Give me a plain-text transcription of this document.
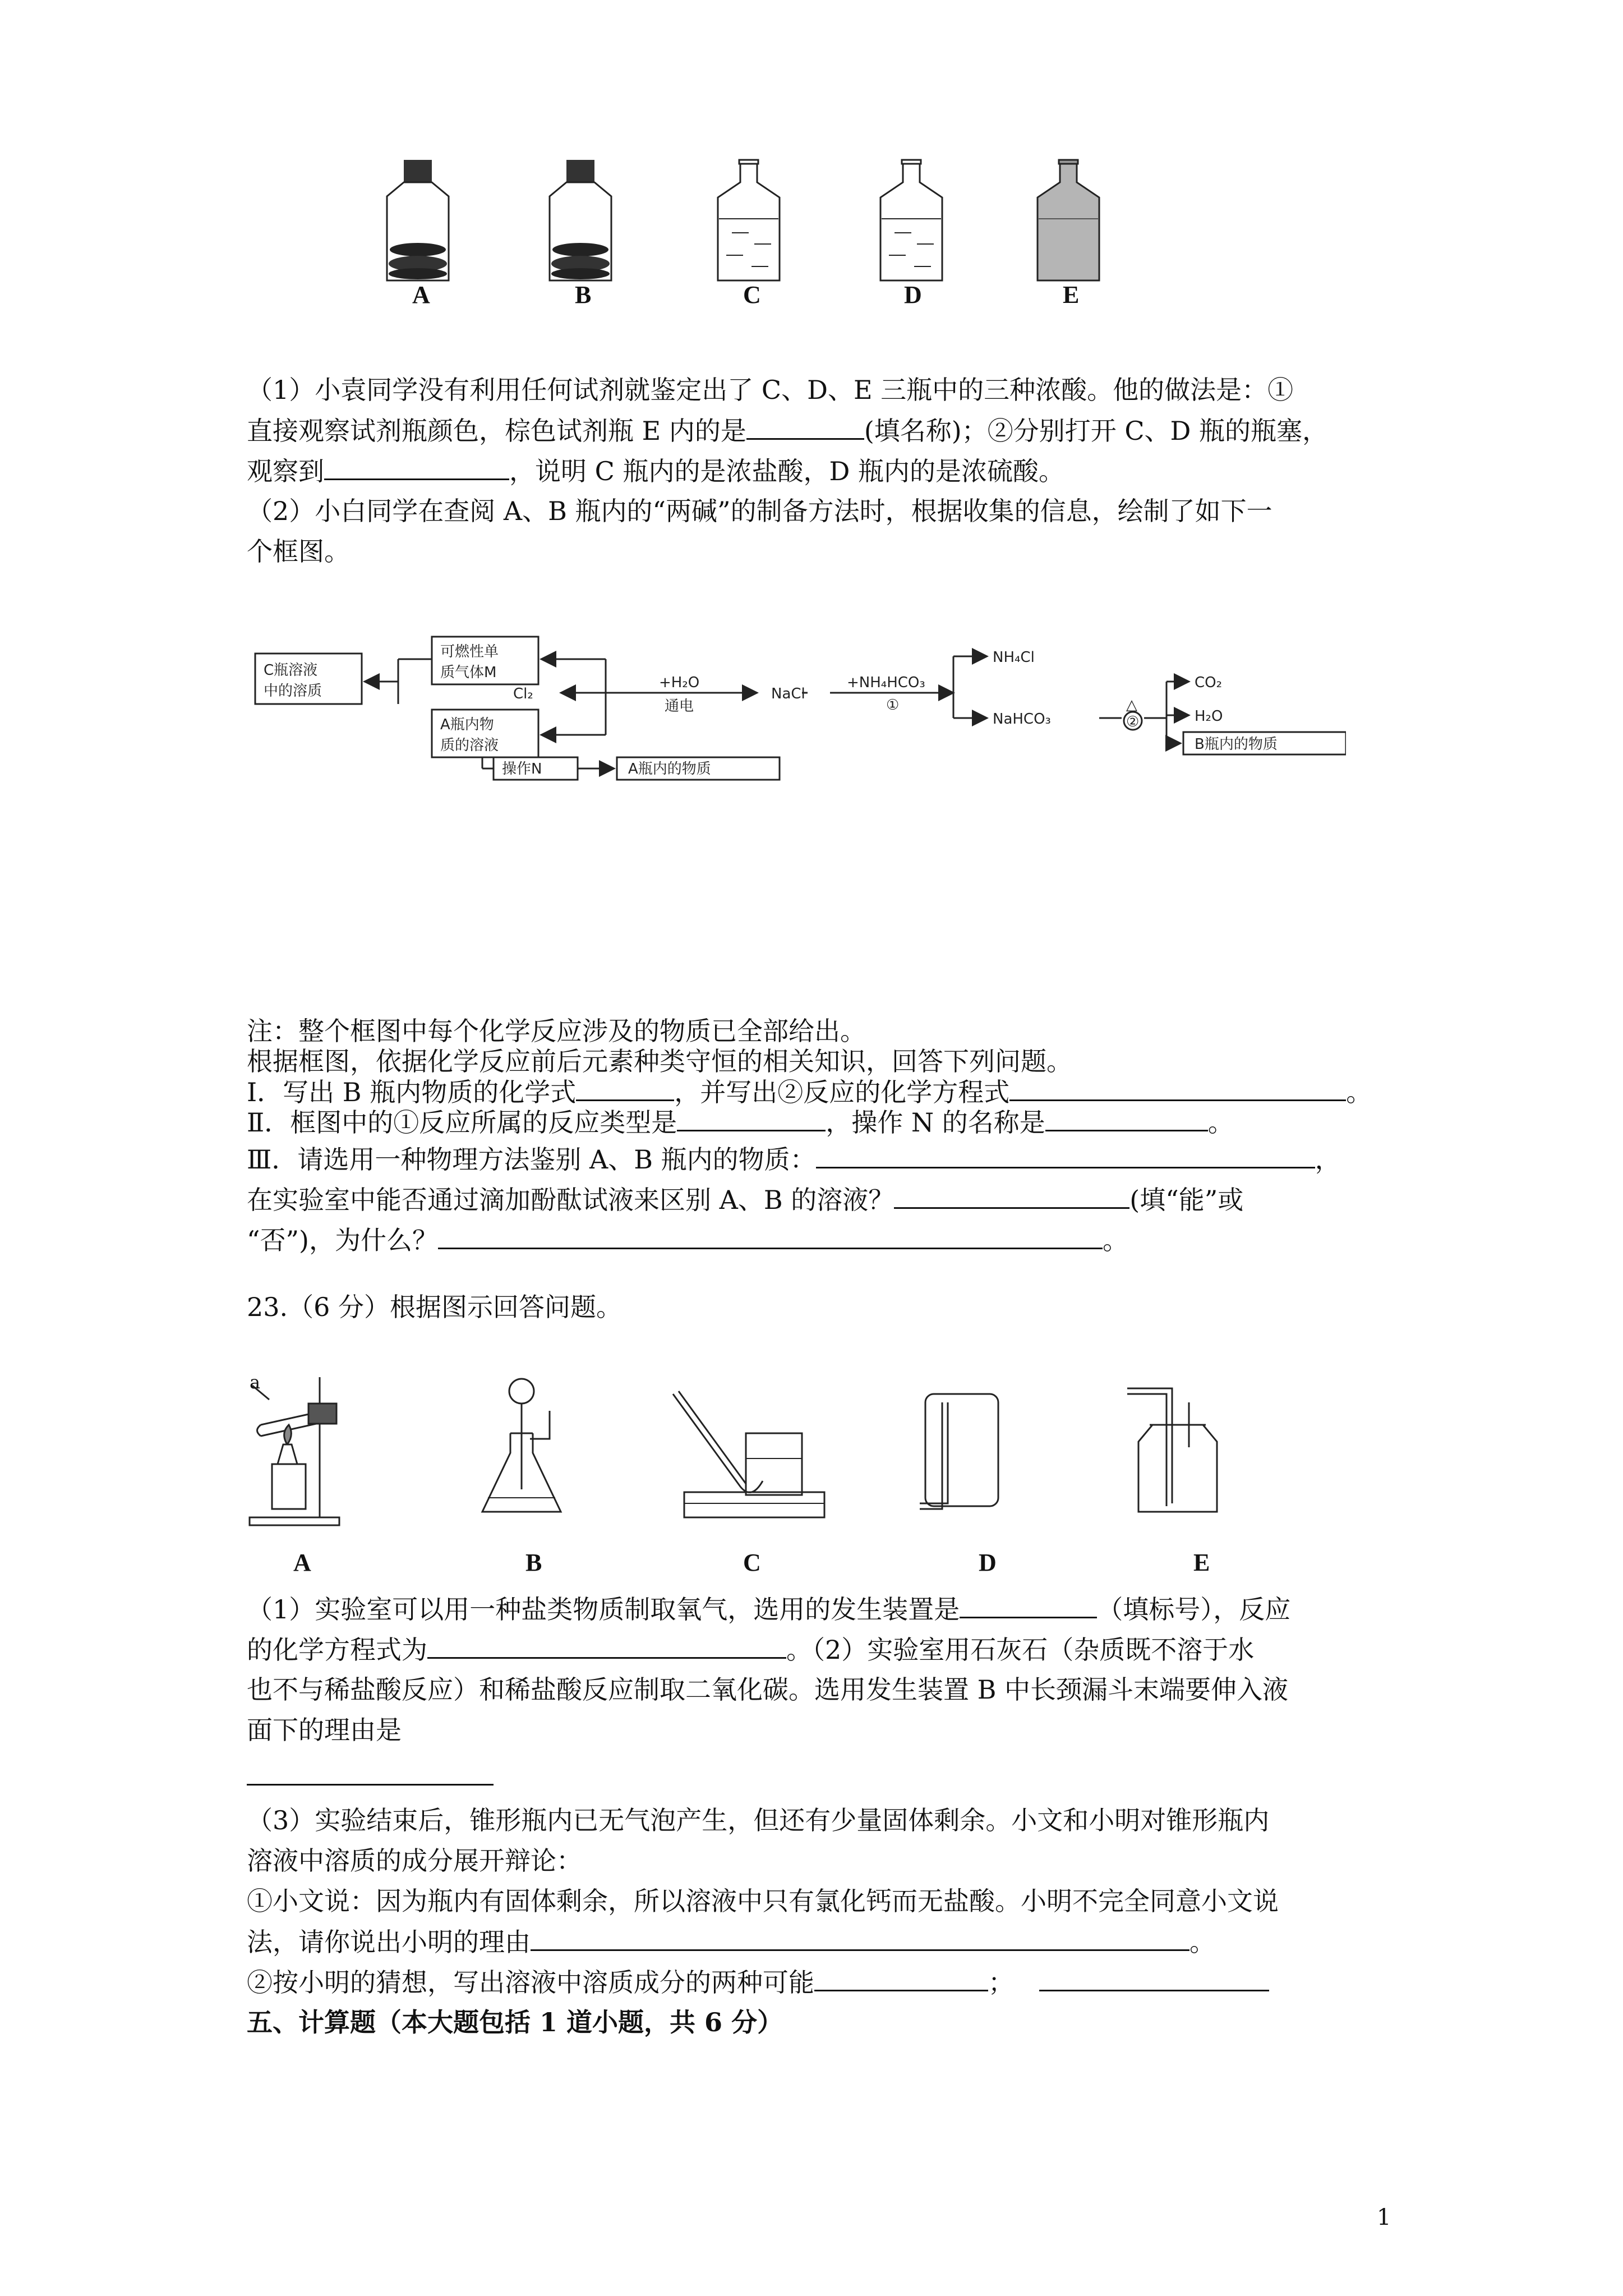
A	B	C	D	E
（1）小袁同学没有利用任何试剂就鉴定出了 C、D、E 三瓶中的三种浓酸。他的做法是：①
直接观察试剂瓶颜色，棕色试剂瓶 E 内的是	(填名称)；②分别打开 C、D 瓶的瓶塞，
观察到	，说明 C 瓶内的是浓盐酸，D 瓶内的是浓硫酸。
（2）小白同学在查阅 A、B 瓶内的“两碱”的制备方法时，根据收集的信息，绘制了如下一
个框图。
C瓶溶液
中的溶质
可燃性单
质气体M
Cl₂
A瓶内物
质的溶液
操作N	A瓶内的物质
+H₂O
通电
NaCl
+NH₄HCO₃
①
NH₄Cl
NaHCO₃
△
②
CO₂
H₂O
B瓶内的物质
注：整个框图中每个化学反应涉及的物质已全部给出。
根据框图，依据化学反应前后元素种类守恒的相关知识，回答下列问题。
Ⅰ．写出 B 瓶内物质的化学式	，并写出②反应的化学方程式	。
Ⅱ．框图中的①反应所属的反应类型是	，操作 N 的名称是	。
Ⅲ．请选用一种物理方法鉴别 A、B 瓶内的物质：	，
在实验室中能否通过滴加酚酞试液来区别 A、B 的溶液？	(填“能”或
“否”)，为什么？	。
23.（6 分）根据图示回答问题。
a
A	B	C	D	E
（1）实验室可以用一种盐类物质制取氧气，选用的发生装置是	（填标号），反应
的化学方程式为	。（2）实验室用石灰石（杂质既不溶于水
也不与稀盐酸反应）和稀盐酸反应制取二氧化碳。选用发生装置 B 中长颈漏斗末端要伸入液
面下的理由是
（3）实验结束后，锥形瓶内已无气泡产生，但还有少量固体剩余。小文和小明对锥形瓶内
溶液中溶质的成分展开辩论：
①小文说：因为瓶内有固体剩余，所以溶液中只有氯化钙而无盐酸。小明不完全同意小文说
法，请你说出小明的理由	。
②按小明的猜想，写出溶液中溶质成分的两种可能	；
五、计算题（本大题包括 1 道小题，共 6 分）
1
